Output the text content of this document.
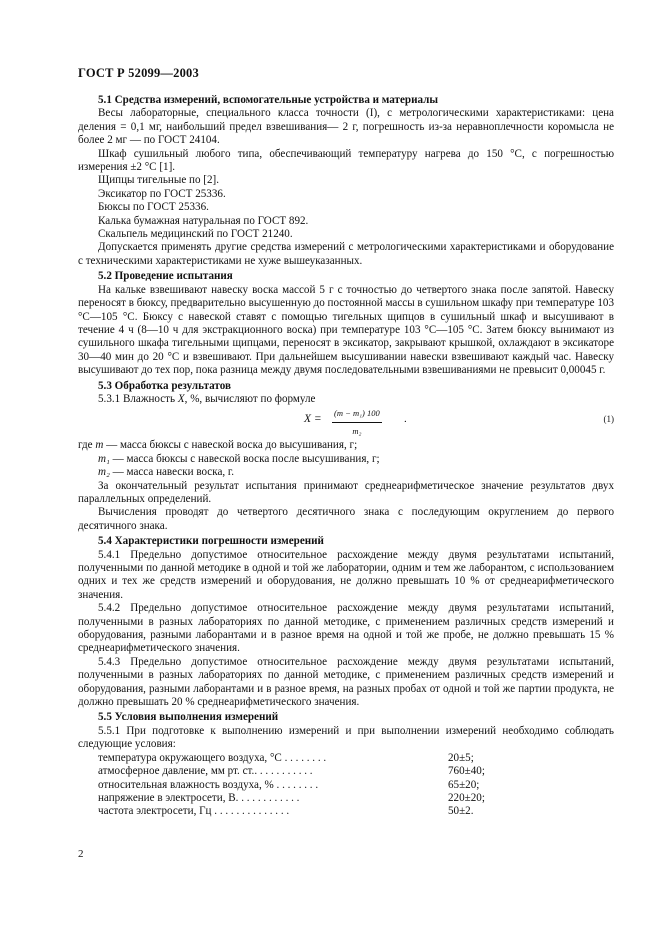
ГОСТ Р 52099—2003

5.1 Средства измерений, вспомогательные устройства и материалы

Весы лабораторные, специального класса точности (I), с метрологическими характеристиками: цена деления = 0,1 мг, наибольший предел взвешивания— 2 г, погрешность из-за неравноплечности коромысла не более 2 мг — по ГОСТ 24104.

Шкаф сушильный любого типа, обеспечивающий температуру нагрева до 150 °С, с погрешностью измерения ±2 °С [1].

Щипцы тигельные по [2].

Эксикатор по ГОСТ 25336.

Бюксы по ГОСТ 25336.

Калька бумажная натуральная по ГОСТ 892.

Скальпель медицинский по ГОСТ 21240.

Допускается применять другие средства измерений с метрологическими характеристиками и оборудование с техническими характеристиками не хуже вышеуказанных.

5.2 Проведение испытания

На кальке взвешивают навеску воска массой 5 г с точностью до четвертого знака после запятой. Навеску переносят в бюксу, предварительно высушенную до постоянной массы в сушильном шкафу при температуре 103 °С—105 °С. Бюксу с навеской ставят с помощью тигельных щипцов в сушильный шкаф и высушивают в течение 4 ч (8—10 ч для экстракционного воска) при температуре 103 °С—105 °С. Затем бюксу вынимают из сушильного шкафа тигельными щипцами, переносят в эксикатор, закрывают крышкой, охлаждают в эксикаторе 30—40 мин до 20 °С и взвешивают. При дальнейшем высушивании навески взвешивают каждый час. Навеску высушивают до тех пор, пока разница между двумя последовательными взвешиваниями не превысит 0,00045 г.

5.3 Обработка результатов

5.3.1 Влажность X, %, вычисляют по формуле

$X = \frac{\text{(m − m₁) 100}}{\text{m₂}}$ .	(1)

где m — масса бюксы с навеской воска до высушивания, г;

m₁ — масса бюксы с навеской воска после высушивания, г;

m₂ — масса навески воска, г.

За окончательный результат испытания принимают среднеарифметическое значение результатов двух параллельных определений.

Вычисления проводят до четвертого десятичного знака с последующим округлением до первого десятичного знака.

5.4 Характеристики погрешности измерений

5.4.1 Предельно допустимое относительное расхождение между двумя результатами испытаний, полученными по данной методике в одной и той же лаборатории, одним и тем же лаборантом, с использованием одних и тех же средств измерений и оборудования, не должно превышать 10 % от среднеарифметического значения.

5.4.2 Предельно допустимое относительное расхождение между двумя результатами испытаний, полученными в разных лабораториях по данной методике, с применением различных средств измерений и оборудования, разными лаборантами и в разное время на одной и той же пробе, не должно превышать 15 % среднеарифметического значения.

5.4.3 Предельно допустимое относительное расхождение между двумя результатами испытаний, полученными в разных лабораториях по данной методике, с применением различных средств измерений и оборудования, разными лаборантами и в разное время, на разных пробах от одной и той же партии продукта, не должно превышать 20 % среднеарифметического значения.

5.5 Условия выполнения измерений

5.5.1 При подготовке к выполнению измерений и при выполнении измерений необходимо соблюдать следующие условия:

температура окружающего воздуха, °С . . . . . . . .	20±5;
атмосферное давление, мм рт. ст.. . . . . . . . . . .	760±40;
относительная влажность воздуха, % . . . . . . . .	65±20;
напряжение в электросети, В. . . . . . . . . . . .	220±20;
частота электросети, Гц . . . . . . . . . . . . . .	50±2.
2
